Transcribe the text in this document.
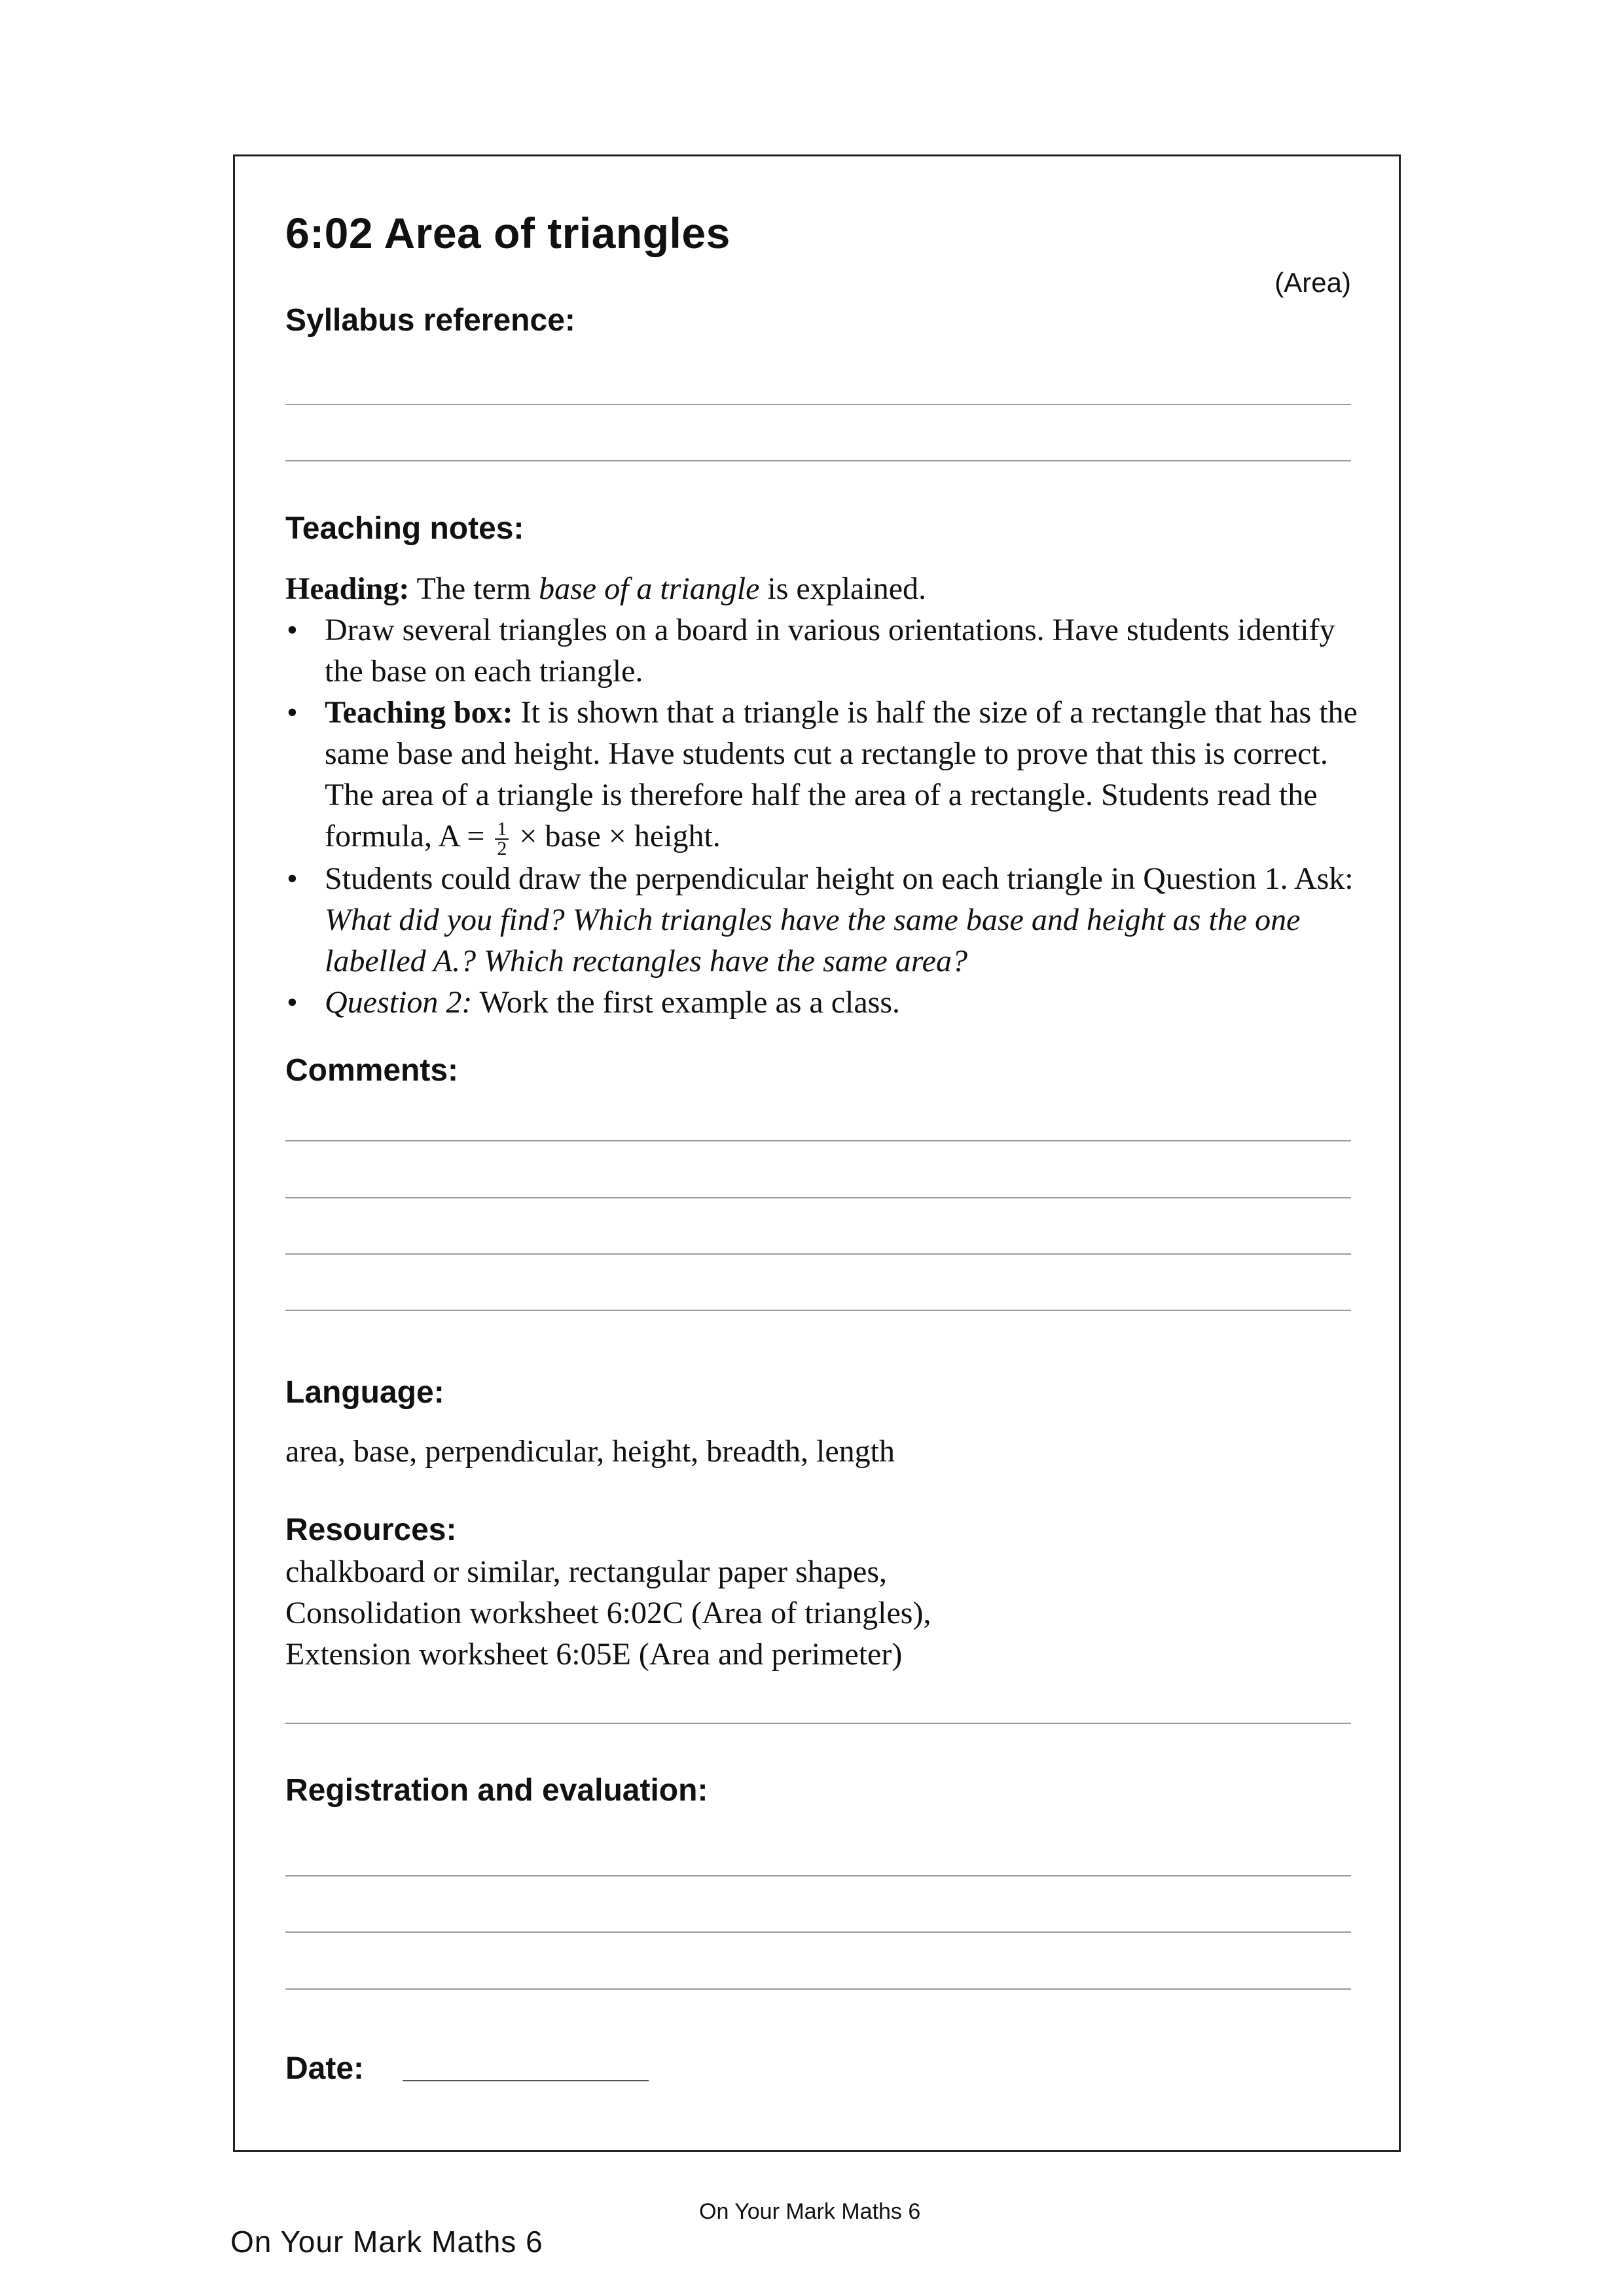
6:02 Area of triangles
(Area)
Syllabus reference:
Teaching notes:

Heading: The term base of a triangle is explained.

• Draw several triangles on a board in various orientations. Have students identify the base on each triangle.
• Teaching box: It is shown that a triangle is half the size of a rectangle that has the same base and height. Have students cut a rectangle to prove that this is correct. The area of a triangle is therefore half the area of a rectangle. Students read the formula, $A = \frac{1}{2}$ × base × height.
• Students could draw the perpendicular height on each triangle in Question 1. Ask: What did you find? Which triangles have the same base and height as the one labelled A.? Which rectangles have the same area?
• Question 2: Work the first example as a class.
Comments:
Language:
area, base, perpendicular, height, breadth, length
Resources:
chalkboard or similar, rectangular paper shapes,
Consolidation worksheet 6:02C (Area of triangles),
Extension worksheet 6:05E (Area and perimeter)
Registration and evaluation:
Date:
On Your Mark Maths 6
On Your Mark Maths 6
